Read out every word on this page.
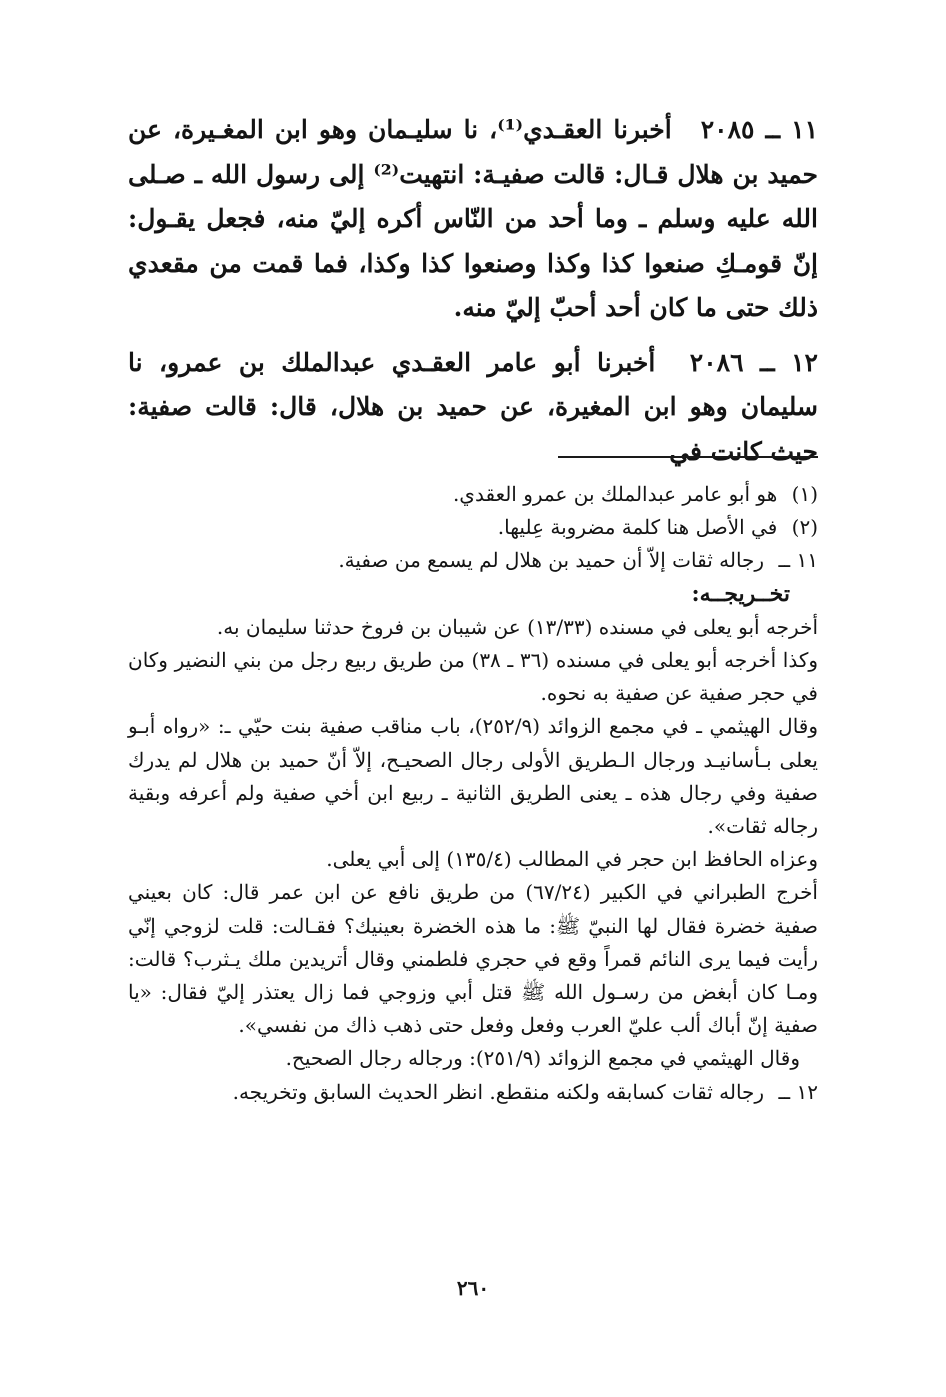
١١ ــ ٢٠٨٥ أخبرنا العقـدي⁽¹⁾، نا سليـمان وهو ابن المغـيرة، عن حميد بن هلال قـال: قالت صفيـة: انتهيت⁽²⁾ إلى رسول الله ـ صـلى الله عليه وسلم ـ وما أحد من النّاس أكره إليّ منه، فجعل يقـول: إنّ قومـكِ صنعوا كذا وكذا وصنعوا كذا وكذا، فما قمت من مقعدي ذلك حتى ما كان أحد أحبّ إليّ منه.

١٢ ــ ٢٠٨٦ أخبرنا أبو عامر العقـدي عبدالملك بن عمرو، نا سليمان وهو ابن المغيرة، عن حميد بن هلال، قال: قالت صفية: حيث كانت في

(١) هو أبو عامر عبدالملك بن عمرو العقدي.

(٢) في الأصل هنا كلمة مضروبة عِليها.

١١ ــ رجاله ثقات إلاّ أن حميد بن هلال لم يسمع من صفية.

تخــريجــه:

أخرجه أبو يعلى في مسنده (١٣/٣٣) عن شيبان بن فروخ حدثنا سليمان به.

وكذا أخرجه أبو يعلى في مسنده (٣٦ ـ ٣٨) من طريق ربيع رجل من بني النضير وكان في حجر صفية عن صفية به نحوه.

وقال الهيثمي ـ في مجمع الزوائد (٢٥٢/٩)، باب مناقب صفية بنت حيّي ـ: «رواه أبـو يعلى بـأسانيـد ورجال الـطريق الأولى رجال الصحيـح، إلاّ أنّ حميد بن هلال لم يدرك صفية وفي رجال هذه ـ يعنى الطريق الثانية ـ ربيع ابن أخي صفية ولم أعرفه وبقية رجاله ثقات».

وعزاه الحافظ ابن حجر في المطالب (١٣٥/٤) إلى أبي يعلى.

أخرج الطبراني في الكبير (٦٧/٢٤) من طريق نافع عن ابن عمر قال: كان بعيني صفية خضرة فقال لها النبيّ ﷺ: ما هذه الخضرة بعينيك؟ فقـالت: قلت لزوجي إنّي رأيت فيما يرى النائم قمراً وقع في حجري فلطمني وقال أتريدين ملك يـثرب؟ قالت: ومـا كان أبغض من رسـول الله ﷺ قتل أبي وزوجي فما زال يعتذر إليّ فقال: «يا صفية إنّ أباك ألب عليّ العرب وفعل وفعل حتى ذهب ذاك من نفسي».

وقال الهيثمي في مجمع الزوائد (٢٥١/٩): ورجاله رجال الصحيح.

١٢ ــ رجاله ثقات كسابقه ولكنه منقطع. انظر الحديث السابق وتخريجه.

٢٦٠
